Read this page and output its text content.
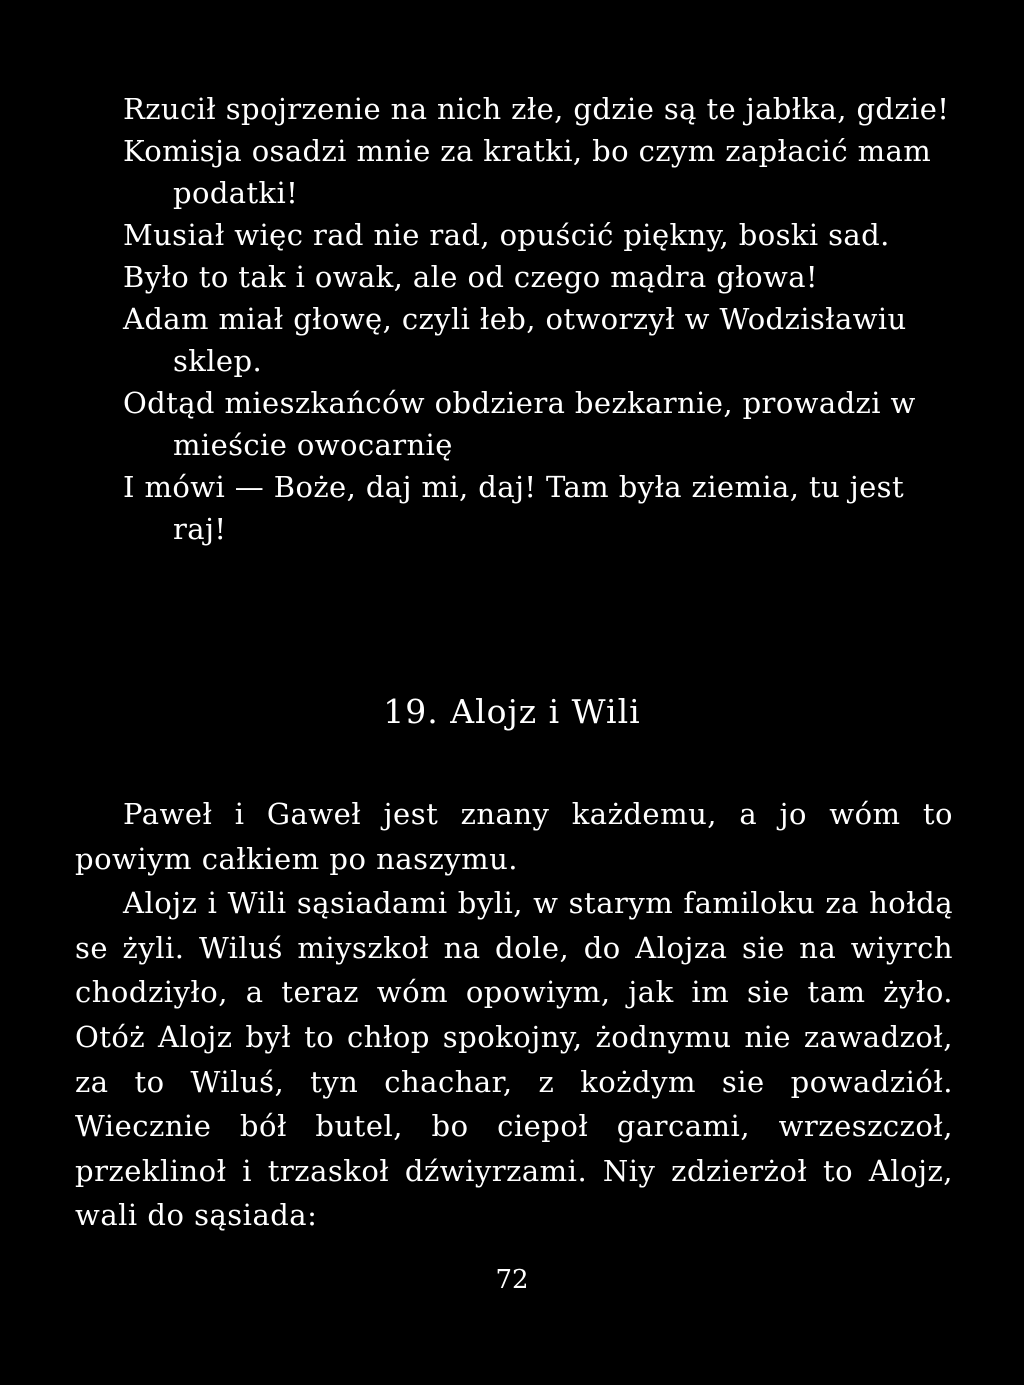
Rzucił spojrzenie na nich złe, gdzie są te jabłka, gdzie!
Komisja osadzi mnie za kratki, bo czym zapłacić mam podatki!
Musiał więc rad nie rad, opuścić piękny, boski sad.
Było to tak i owak, ale od czego mądra głowa!
Adam miał głowę, czyli łeb, otworzył w Wodzisławiu sklep.
Odtąd mieszkańców obdziera bezkarnie, prowadzi w mieście owocarnię
I mówi — Boże, daj mi, daj! Tam była ziemia, tu jest raj!
19. Alojz i Wili

Paweł i Gaweł jest znany każdemu, a jo wóm to powiym całkiem po naszymu.

Alojz i Wili sąsiadami byli, w starym familoku za hołdą se żyli. Wiluś miyszkoł na dole, do Alojza sie na wiyrch chodziyło, a teraz wóm opowiym, jak im sie tam żyło. Otóż Alojz był to chłop spokojny, żodnymu nie zawadzoł, za to Wiluś, tyn chachar, z kożdym sie powadziół. Wiecznie bół butel, bo ciepoł garcami, wrzeszczoł, przeklinoł i trzaskoł dźwiyrzami. Niy zdzierżoł to Alojz, wali do sąsiada:

72
